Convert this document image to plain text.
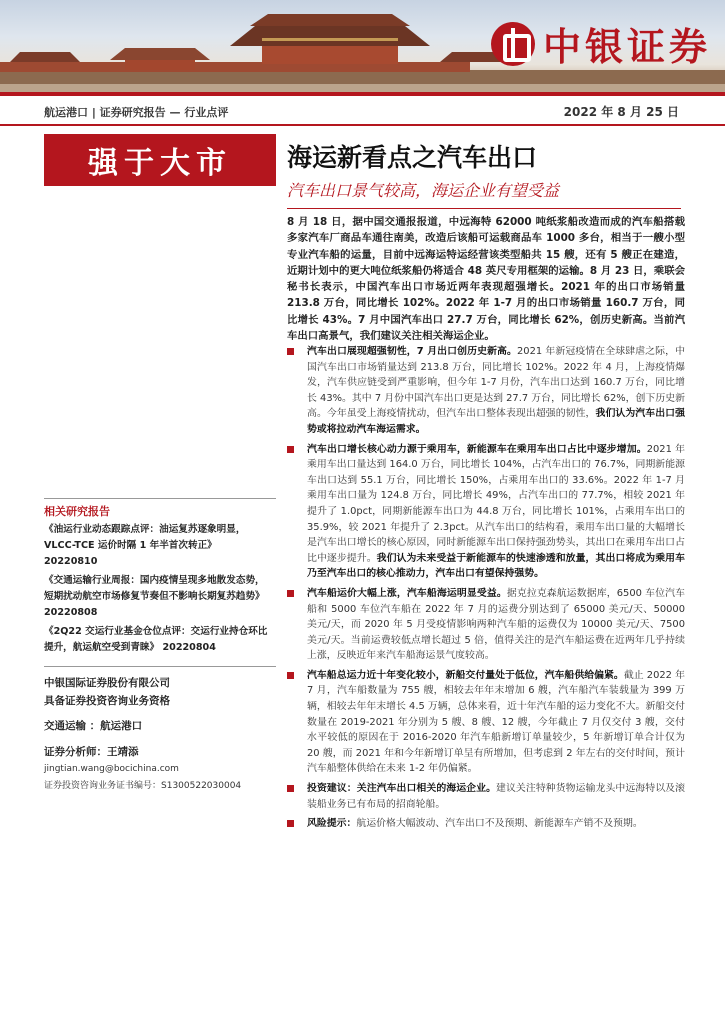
中银证券
航运港口 | 证券研究报告 — 行业点评	2022 年 8 月 25 日
强于大市	海运新看点之汽车出口
汽车出口景气较高，海运企业有望受益
8 月 18 日，据中国交通报报道，中远海特 62000 吨纸浆船改造而成的汽车船搭载多家汽车厂商品车通往南美，改造后该船可运载商品车 1000 多台，相当于一艘小型专业汽车船的运量，目前中远海运特运经营该类型船共 15 艘，还有 5 艘正在建造，近期计划中的更大吨位纸浆船仍将适合 48 英尺专用框架的运输。8 月 23 日，乘联会秘书长表示，中国汽车出口市场近两年表现超强增长。2021 年的出口市场销量 213.8 万台，同比增长 102%。2022 年 1-7 月的出口市场销量 160.7 万台，同比增长 43%。7 月中国汽车出口 27.7 万台，同比增长 62%，创历史新高。当前汽车出口高景气，我们建议关注相关海运企业。
汽车出口展现超强韧性，7 月出口创历史新高。2021 年新冠疫情在全球肆虐之际，中国汽车出口市场销量达到 213.8 万台，同比增长 102%。2022 年 4 月，上海疫情爆发，汽车供应链受到严重影响，但今年 1-7 月份，汽车出口达到 160.7 万台，同比增长 43%。其中 7 月份中国汽车出口更是达到 27.7 万台，同比增长 62%，创下历史新高。今年虽受上海疫情扰动，但汽车出口整体表现出超强的韧性，我们认为汽车出口强势或将拉动汽车海运需求。
汽车出口增长核心动力源于乘用车，新能源车在乘用车出口占比中逐步增加。2021 年乘用车出口量达到 164.0 万台，同比增长 104%，占汽车出口的 76.7%，同期新能源车出口达到 55.1 万台，同比增长 150%，占乘用车出口的 33.6%。2022 年 1-7 月乘用车出口量为 124.8 万台，同比增长 49%，占汽车出口的 77.7%，相较 2021 年提升了 1.0pct，同期新能源车出口为 44.8 万台，同比增长 101%，占乘用车出口的 35.9%，较 2021 年提升了 2.3pct。从汽车出口的结构看，乘用车出口量的大幅增长是汽车出口增长的核心原因，同时新能源车出口保持强劲势头，其出口在乘用车出口占比中逐步提升。我们认为未来受益于新能源车的快速渗透和放量，其出口将成为乘用车乃至汽车出口的核心推动力，汽车出口有望保持强势。
汽车船运价大幅上涨，汽车船海运明显受益。据克拉克森航运数据库，6500 车位汽车船和 5000 车位汽车船在 2022 年 7 月的运费分别达到了 65000 美元/天、50000 美元/天，而 2020 年 5 月受疫情影响两种汽车船的运费仅为 10000 美元/天、7500 美元/天。当前运费较低点增长超过 5 倍，值得关注的是汽车船运费在近两年几乎持续上涨，反映近年来汽车船海运景气度较高。
汽车船总运力近十年变化较小，新船交付量处于低位，汽车船供给偏紧。截止 2022 年 7 月，汽车船数量为 755 艘，相较去年年末增加 6 艘，汽车船汽车装载量为 399 万辆，相较去年年末增长 4.5 万辆，总体来看，近十年汽车船的运力变化不大。新船交付数量在 2019-2021 年分别为 5 艘、8 艘、12 艘，今年截止 7 月仅交付 3 艘，交付水平较低的原因在于 2016-2020 年汽车船新增订单量较少，5 年新增订单合计仅为 20 艘，而 2021 年和今年新增订单呈有所增加，但考虑到 2 年左右的交付时间，预计汽车船整体供给在未来 1-2 年仍偏紧。
投资建议：关注汽车出口相关的海运企业。建议关注特种货物运输龙头中远海特以及滚装船业务已有布局的招商轮船。
风险提示：航运价格大幅波动、汽车出口不及预期、新能源车产销不及预期。
相关研究报告
《油运行业动态跟踪点评：油运复苏逐象明显，VLCC-TCE 运价时隔 1 年半首次转正》 20220810
《交通运输行业周报：国内疫情呈现多地散发态势，短期扰动航空市场修复节奏但不影响长期复苏趋势》 20220808
《2Q22 交运行业基金仓位点评：交运行业持仓环比提升，航运航空受到青睐》 20220804
中银国际证券股份有限公司
具备证券投资咨询业务资格
交通运输 ：航运港口
证券分析师：王靖添
jingtian.wang@bocichina.com
证券投资咨询业务证书编号：S1300522030004
